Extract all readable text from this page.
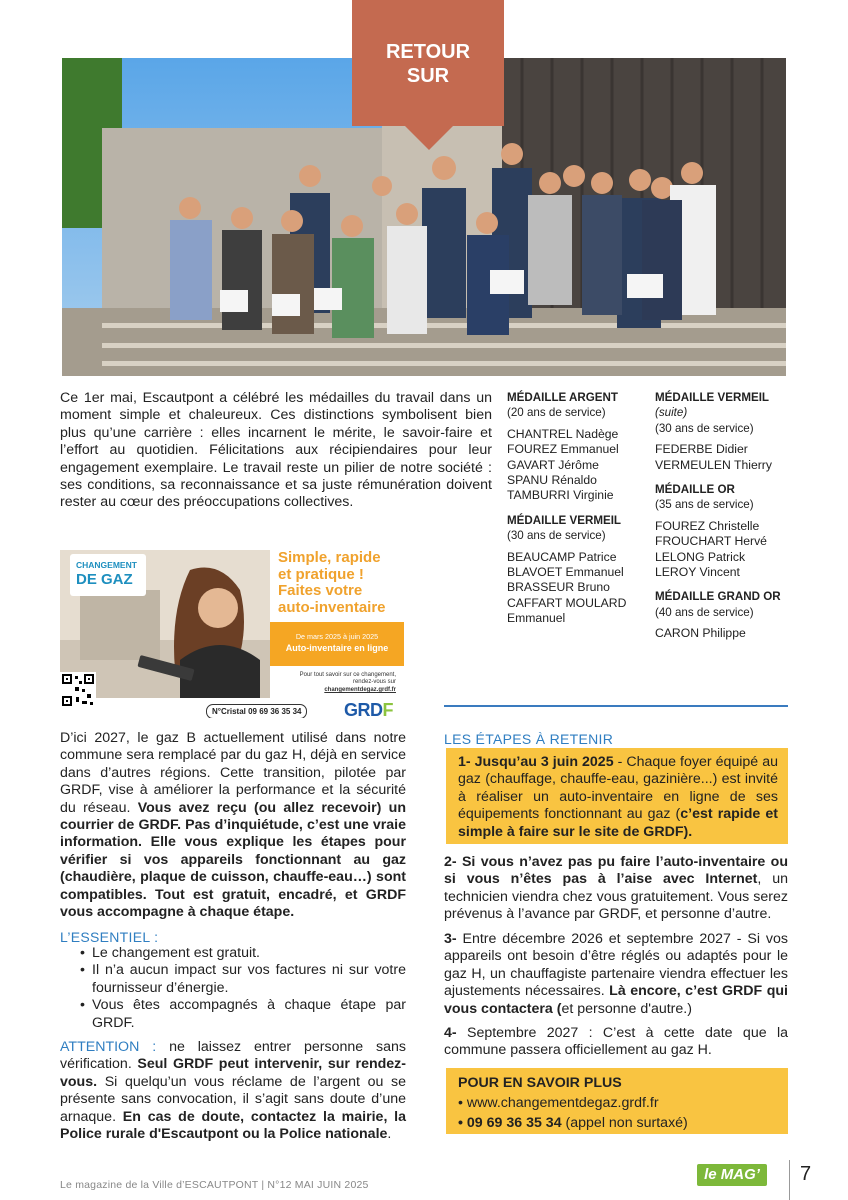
RETOUR
SUR
Ce 1er mai, Escautpont a célébré les médailles du travail dans un moment simple et chaleureux. Ces distinctions symbolisent bien plus qu’une carrière : elles incarnent le mérite, le savoir-faire et l’effort au quotidien. Félicitations aux récipiendaires pour leur engagement exemplaire. Le travail reste un pilier de notre société : ses conditions, sa reconnaissance et sa juste rémunération doivent rester au cœur des préoccupations collectives.
MÉDAILLE ARGENT
(20 ans de service)
CHANTREL Nadège
FOUREZ Emmanuel
GAVART Jérôme
SPANU Rénaldo
TAMBURRI Virginie
MÉDAILLE VERMEIL
(30 ans de service)
BEAUCAMP Patrice
BLAVOET Emmanuel
BRASSEUR Bruno
CAFFART MOULARD
Emmanuel
MÉDAILLE VERMEIL (suite)
(30 ans de service)
FEDERBE Didier
VERMEULEN Thierry
MÉDAILLE OR
(35 ans de service)
FOUREZ Christelle
FROUCHART Hervé
LELONG Patrick
LEROY Vincent
MÉDAILLE GRAND OR
(40 ans de service)
CARON Philippe
CHANGEMENT
DE GAZ
Simple, rapide
et pratique !
Faites votre
auto-inventaire
De mars 2025 à juin 2025
Auto-inventaire en ligne
Pour tout savoir sur ce changement,
rendez-vous sur
changementdegaz.grdf.fr
N°Cristal 09 69 36 35 34	GRDF
D’ici 2027, le gaz B actuellement utilisé dans notre commune sera remplacé par du gaz H, déjà en service dans d’autres régions. Cette transition, pilotée par GRDF, vise à améliorer la performance et la sécurité du réseau. Vous avez reçu (ou allez recevoir) un courrier de GRDF. Pas d’inquiétude, c’est une vraie information. Elle vous explique les étapes pour vérifier si vos appareils fonctionnant au gaz (chaudière, plaque de cuisson, chauffe-eau…) sont compatibles. Tout est gratuit, encadré, et GRDF vous accompagne à chaque étape.
L’ESSENTIEL :
• Le changement est gratuit.
• Il n’a aucun impact sur vos factures ni sur votre fournisseur d’énergie.
• Vous êtes accompagnés à chaque étape par GRDF.
ATTENTION : ne laissez entrer personne sans vérification. Seul GRDF peut intervenir, sur rendez-vous. Si quelqu’un vous réclame de l’argent ou se présente sans convocation, il s’agit sans doute d’une arnaque. En cas de doute, contactez la mairie, la Police rurale d'Escautpont ou la Police nationale.
LES ÉTAPES À RETENIR

1- Jusqu’au 3 juin 2025 - Chaque foyer équipé au gaz (chauffage, chauffe-eau, gazinière...) est invité à réaliser un auto-inventaire en ligne de ses équipements fonctionnant au gaz (c’est rapide et simple à faire sur le site de GRDF).

2- Si vous n’avez pas pu faire l’auto-inventaire ou si vous n’êtes pas à l’aise avec Internet, un technicien viendra chez vous gratuitement. Vous serez prévenus à l’avance par GRDF, et personne d’autre.
3- Entre décembre 2026 et septembre 2027 - Si vos appareils ont besoin d’être réglés ou adaptés pour le gaz H, un chauffagiste partenaire viendra effectuer les ajustements nécessaires. Là encore, c’est GRDF qui vous contactera (et personne d'autre.)
4- Septembre 2027 : C’est à cette date que la commune passera officiellement au gaz H.
POUR EN SAVOIR PLUS
• www.changementdegaz.grdf.fr
• 09 69 36 35 34 (appel non surtaxé)
Le magazine de la Ville d’ESCAUTPONT | N°12 MAI JUIN 2025
le MAG’	7
